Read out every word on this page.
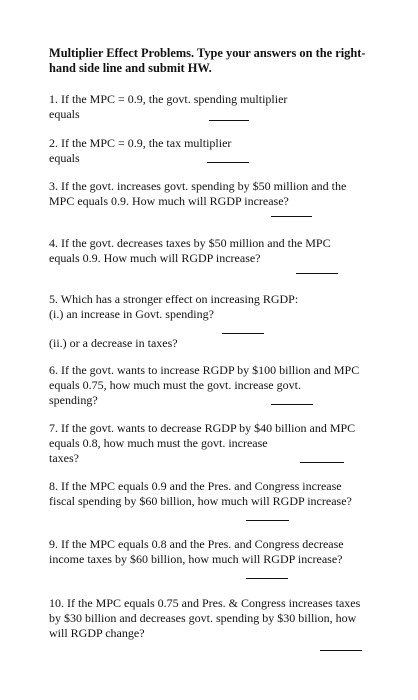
Multiplier Effect Problems. Type your answers on the right-hand side line and submit HW.

1. If the MPC = 0.9, the govt. spending multiplier
equals

2. If the MPC = 0.9, the tax multiplier
equals

3. If the govt. increases govt. spending by $50 million and the
MPC equals 0.9. How much will RGDP increase?

4. If the govt. decreases taxes by $50 million and the MPC
equals 0.9. How much will RGDP increase?

5. Which has a stronger effect on increasing RGDP:
(i.) an increase in Govt. spending?

(ii.) or a decrease in taxes?

6. If the govt. wants to increase RGDP by $100 billion and MPC
equals 0.75, how much must the govt. increase govt.
spending?

7. If the govt. wants to decrease RGDP by $40 billion and MPC
equals 0.8, how much must the govt. increase
taxes?

8. If the MPC equals 0.9 and the Pres. and Congress increase
fiscal spending by $60 billion, how much will RGDP increase?

9. If the MPC equals 0.8 and the Pres. and Congress decrease
income taxes by $60 billion, how much will RGDP increase?

10. If the MPC equals 0.75 and Pres. & Congress increases taxes
by $30 billion and decreases govt. spending by $30 billion, how
will RGDP change?
